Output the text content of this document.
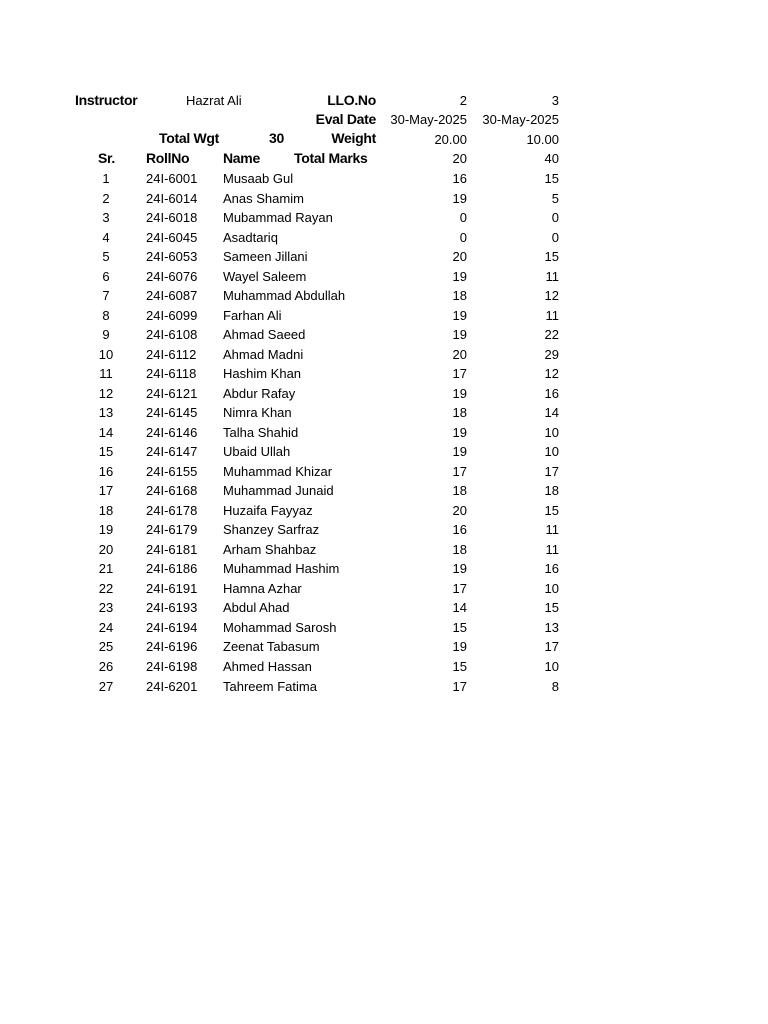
Instructor	Hazrat Ali	LLO.No	2	3
Eval Date	30-May-2025	30-May-2025
Total Wgt	30	Weight	20.00	10.00
Sr. RollNo Name Total Marks	20	40
1	24I-6001 Musaab Gul	16	15
2	24I-6014 Anas Shamim	19	5
3	24I-6018 Mubammad Rayan	0	0
4	24I-6045 Asadtariq	0	0
5	24I-6053 Sameen Jillani	20	15
6	24I-6076 Wayel Saleem	19	11
7	24I-6087 Muhammad Abdullah	18	12
8	24I-6099 Farhan Ali	19	11
9	24I-6108 Ahmad Saeed	19	22
10	24I-6112 Ahmad Madni	20	29
11	24I-6118 Hashim Khan	17	12
12	24I-6121 Abdur Rafay	19	16
13	24I-6145 Nimra Khan	18	14
14	24I-6146 Talha Shahid	19	10
15	24I-6147 Ubaid Ullah	19	10
16	24I-6155 Muhammad Khizar	17	17
17	24I-6168 Muhammad Junaid	18	18
18	24I-6178 Huzaifa Fayyaz	20	15
19	24I-6179 Shanzey Sarfraz	16	11
20	24I-6181 Arham Shahbaz	18	11
21	24I-6186 Muhammad Hashim	19	16
22	24I-6191 Hamna Azhar	17	10
23	24I-6193 Abdul Ahad	14	15
24	24I-6194 Mohammad Sarosh	15	13
25	24I-6196 Zeenat Tabasum	19	17
26	24I-6198 Ahmed Hassan	15	10
27	24I-6201 Tahreem Fatima	17	8
